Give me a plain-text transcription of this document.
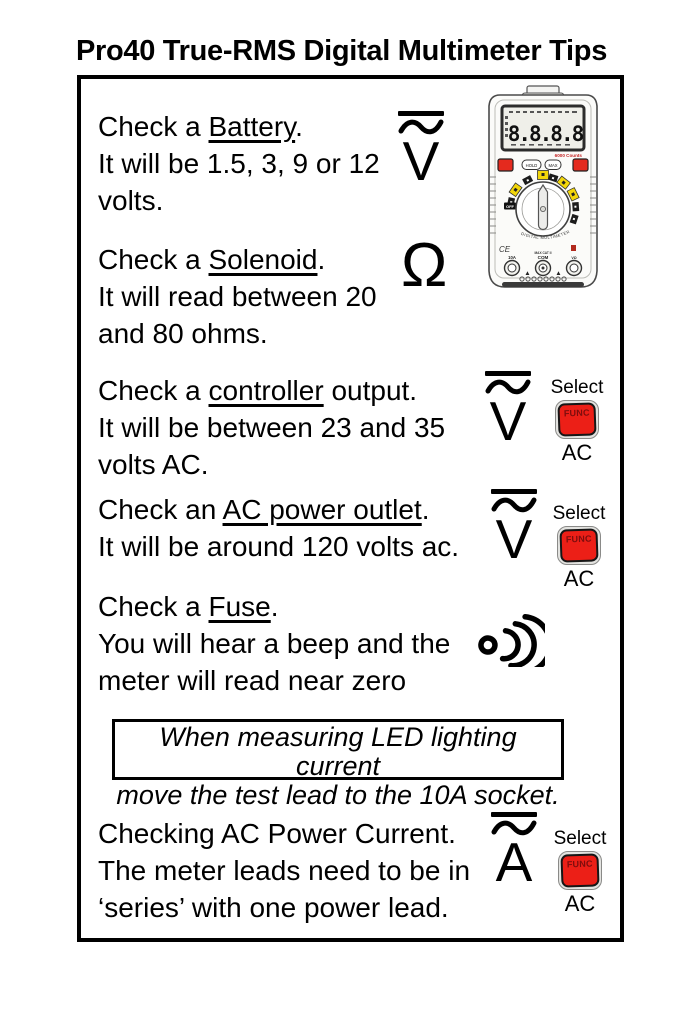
Pro40 True-RMS Digital Multimeter Tips
8.8.8.8
6000 Counts
HOLD	MAX
OFF
DIGITAL MULTIMETER
CE	MAX CAT II
10A	COM	VΩ
▲	▲
Check a Battery.
It will be 1.5, 3, 9 or 12
volts.
V
Check a Solenoid.
It will read between 20
and 80 ohms.
Ω
Check a controller output.
It will be between 23 and 35
volts AC.
V
Select
FUNC
AC
Check an AC power outlet.
It will be around 120 volts ac. V	Select
FUNC
AC
Check a Fuse.
You will hear a beep and the
meter will read near zero
When measuring LED lighting current
move the test lead to the 10A socket.
Checking AC Power Current.
The meter leads need to be in
‘series’ with one power lead.
A	Select
FUNC
AC
